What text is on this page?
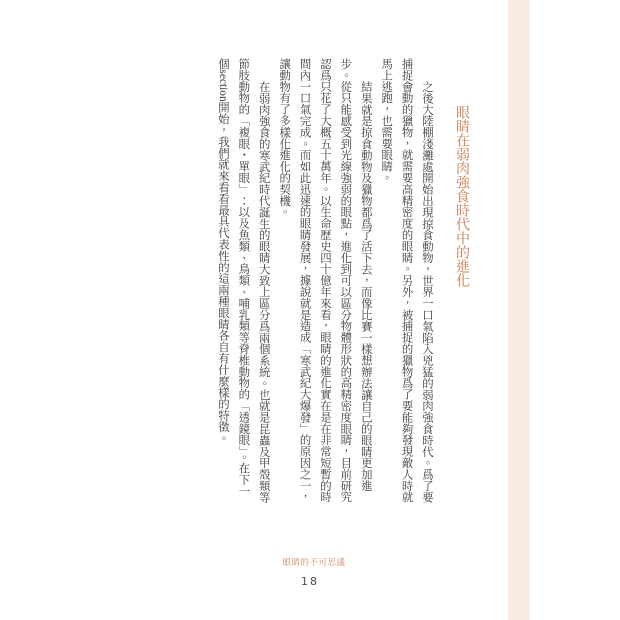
眼睛在弱肉強食時代中的進化

之後大陸棚淺灘處開始出現掠食動物，世界一口氣陷入兇猛的弱肉強食時代。爲了要捕捉會動的獵物，就需要高精密度的眼睛。另外，被捕捉的獵物爲了要能夠發現敵人時就馬上逃跑，也需要眼睛。

結果就是掠食動物及獵物都爲了活下去，而像比賽一樣想辦法讓自己的眼睛更加進步。從只能感受到光線強弱的眼點，進化到可以區分物體形狀的高精密度眼睛，目前研究認爲只花了大概五十萬年。以生命歷史四十億年來看，眼睛的進化實在是在非常短暫的時間內一口氣完成。而如此迅速的眼睛發展，據說就是造成「寒武紀大爆發」的原因之一，讓動物有了多樣化進化的契機。

在弱肉強食的寒武紀時代誕生的眼睛大致上區分爲兩個系統。也就是昆蟲及甲殼類等節肢動物的「複眼・單眼」：以及魚類、鳥類、哺乳類等脊椎動物的「透鏡眼」。在下一個section開始，我們就來看看最具代表性的這兩種眼睛各自有什麼樣的特徵。

眼睛的不可思議
18
